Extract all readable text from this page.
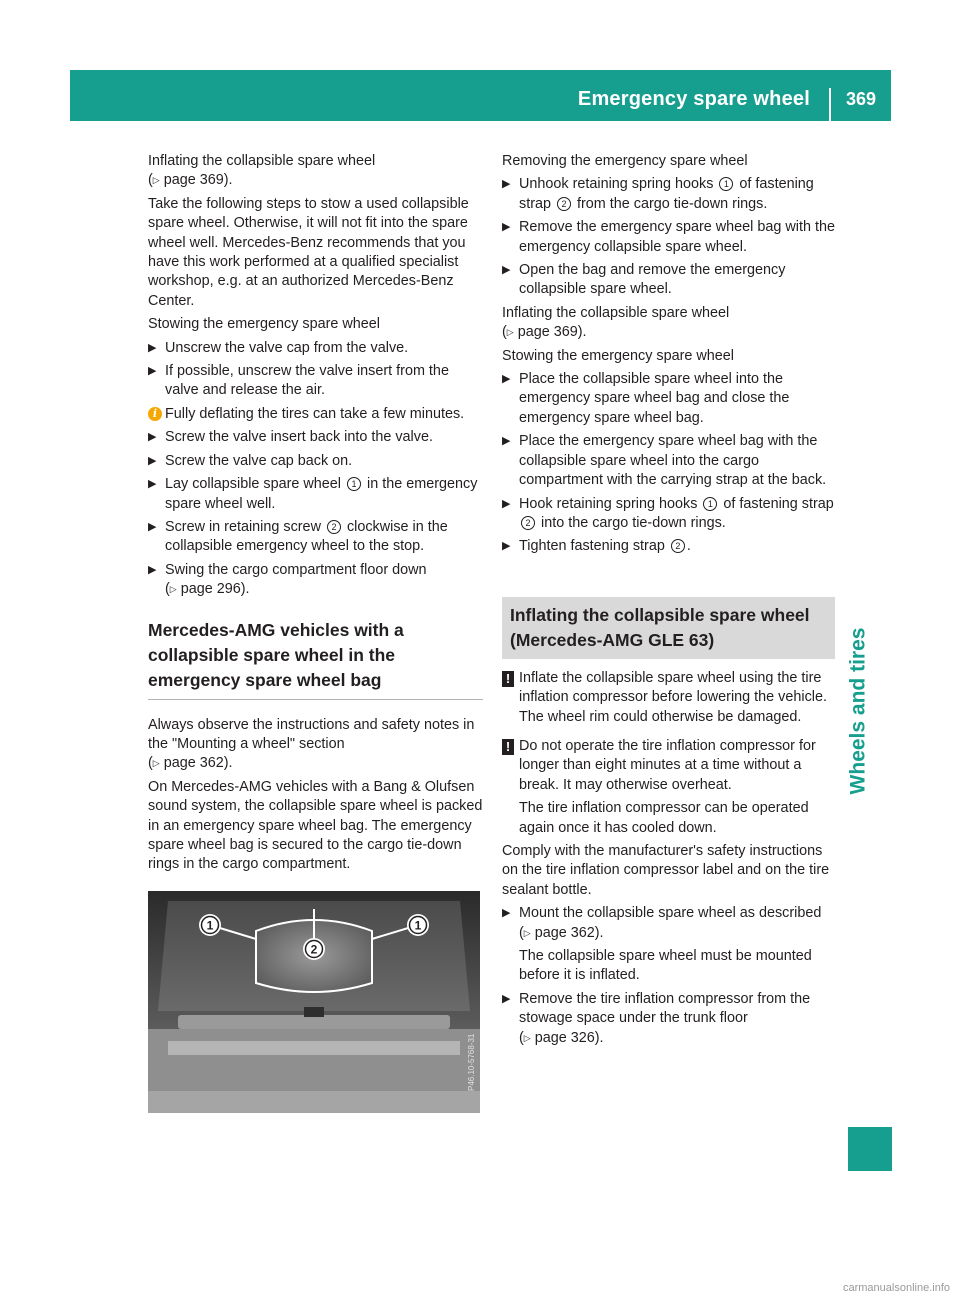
Emergency spare wheel	369
Wheels and tires

Inflating the collapsible spare wheel
(▷ page 369).

Take the following steps to stow a used collapsible spare wheel. Otherwise, it will not fit into the spare wheel well. Mercedes-Benz recommends that you have this work performed at a qualified specialist workshop, e.g. at an authorized Mercedes-Benz Center.

Stowing the emergency spare wheel

▶ Unscrew the valve cap from the valve.
▶ If possible, unscrew the valve insert from the valve and release the air.
i Fully deflating the tires can take a few minutes.
▶ Screw the valve insert back into the valve.
▶ Screw the valve cap back on.
▶ Lay collapsible spare wheel 1 in the emergency spare wheel well.
▶ Screw in retaining screw 2 clockwise in the collapsible emergency wheel to the stop.
▶ Swing the cargo compartment floor down
(▷ page 296).
Mercedes-AMG vehicles with a collapsible spare wheel in the emergency spare wheel bag

Always observe the instructions and safety notes in the "Mounting a wheel" section
(▷ page 362).

On Mercedes-AMG vehicles with a Bang & Olufsen sound system, the collapsible spare wheel is packed in an emergency spare wheel bag. The emergency spare wheel bag is secured to the cargo tie-down rings in the cargo compartment.

1	1
2
P46.10-5768-31

Removing the emergency spare wheel

▶ Unhook retaining spring hooks 1 of fastening strap 2 from the cargo tie-down rings.
▶ Remove the emergency spare wheel bag with the emergency collapsible spare wheel.
▶ Open the bag and remove the emergency collapsible spare wheel.

Inflating the collapsible spare wheel
(▷ page 369).

Stowing the emergency spare wheel

▶ Place the collapsible spare wheel into the emergency spare wheel bag and close the emergency spare wheel bag.
▶ Place the emergency spare wheel bag with the collapsible spare wheel into the cargo compartment with the carrying strap at the back.
▶ Hook retaining spring hooks 1 of fastening strap 2 into the cargo tie-down rings.
▶ Tighten fastening strap 2 .
Inflating the collapsible spare wheel (Mercedes-AMG GLE 63)
! Inflate the collapsible spare wheel using the tire inflation compressor before lowering the vehicle. The wheel rim could otherwise be damaged.
! Do not operate the tire inflation compressor for longer than eight minutes at a time without a break. It may otherwise overheat.
The tire inflation compressor can be operated again once it has cooled down.

Comply with the manufacturer's safety instructions on the tire inflation compressor label and on the tire sealant bottle.

▶ Mount the collapsible spare wheel as described (▷ page 362).
The collapsible spare wheel must be mounted before it is inflated.
▶ Remove the tire inflation compressor from the stowage space under the trunk floor
(▷ page 326).
carmanualsonline.info
